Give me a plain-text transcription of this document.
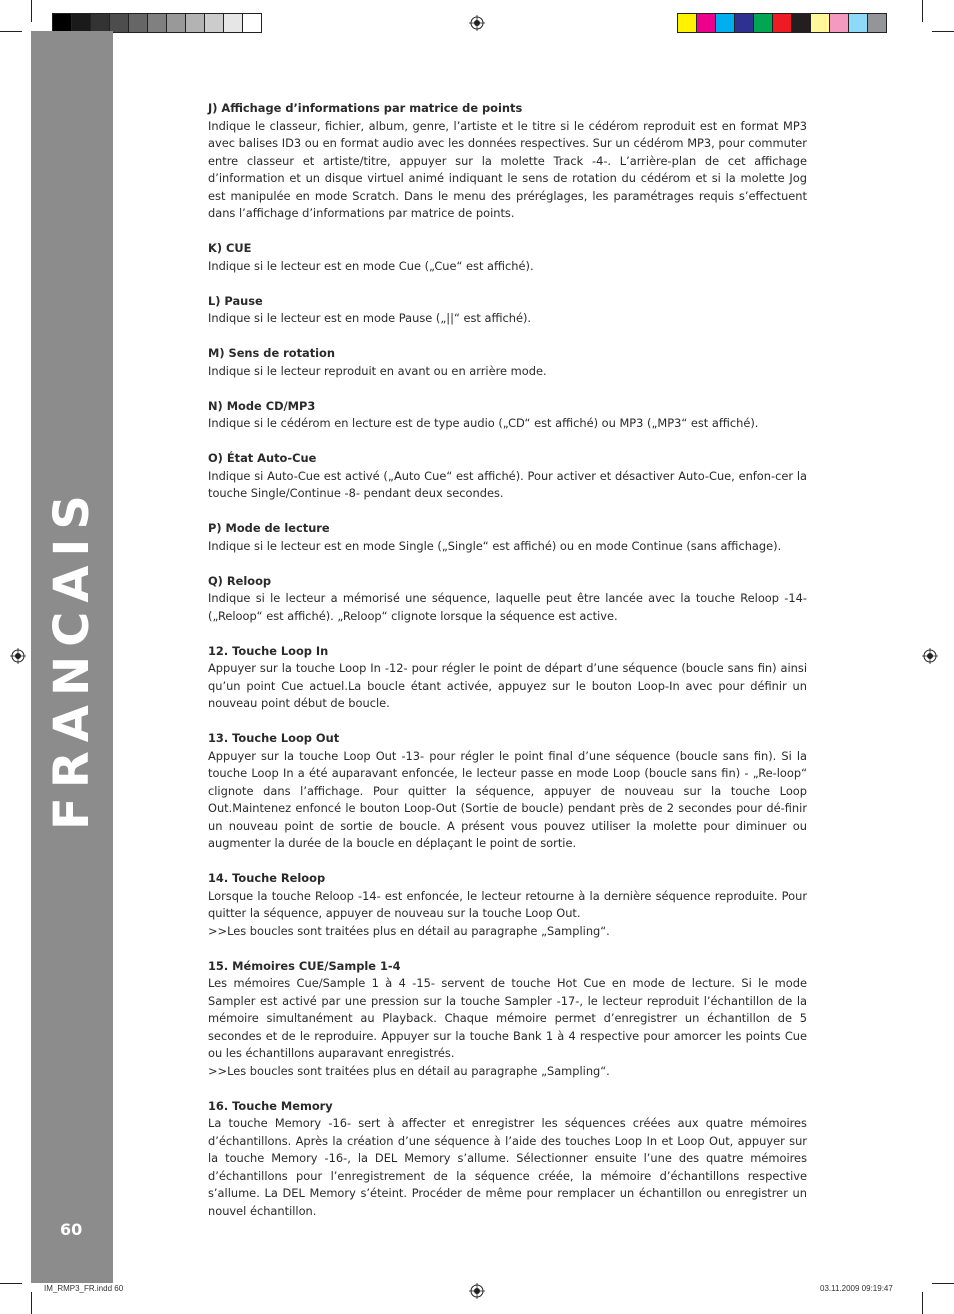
FRANCAIS
60
J) Affichage d’informations par matrice de points

Indique le classeur, fichier, album, genre, l’artiste et le titre si le cédérom reproduit est en format MP3 avec balises ID3 ou en format audio avec les données respectives. Sur un cédérom MP3, pour commuter entre classeur et artiste/titre, appuyer sur la molette Track -4-. L’arrière-plan de cet affichage d’information et un disque virtuel animé indiquant le sens de rotation du cédérom et si la molette Jog est manipulée en mode Scratch. Dans le menu des préréglages, les paramétrages requis s’effectuent dans l’affichage d’informations par matrice de points.

K) CUE

Indique si le lecteur est en mode Cue („Cue“ est affiché).

L) Pause

Indique si le lecteur est en mode Pause („||“ est affiché).

M) Sens de rotation

Indique si le lecteur reproduit en avant ou en arrière mode.

N) Mode CD/MP3

Indique si le cédérom en lecture est de type audio („CD“ est affiché) ou MP3 („MP3“ est affiché).

O) État Auto-Cue

Indique si Auto-Cue est activé („Auto Cue“ est affiché). Pour activer et désactiver Auto-Cue, enfon-cer la touche Single/Continue -8- pendant deux secondes.

P) Mode de lecture

Indique si le lecteur est en mode Single („Single“ est affiché) ou en mode Continue (sans affichage).

Q) Reloop

Indique si le lecteur a mémorisé une séquence, laquelle peut être lancée avec la touche Reloop -14- („Reloop“ est affiché). „Reloop“ clignote lorsque la séquence est active.

12. Touche Loop In

Appuyer sur la touche Loop In -12- pour régler le point de départ d’une séquence (boucle sans fin) ainsi qu’un point Cue actuel.La boucle étant activée, appuyez sur le bouton Loop-In avec pour définir un nouveau point début de boucle.

13. Touche Loop Out

Appuyer sur la touche Loop Out -13- pour régler le point final d’une séquence (boucle sans fin). Si la touche Loop In a été auparavant enfoncée, le lecteur passe en mode Loop (boucle sans fin) - „Re-loop“ clignote dans l’affichage. Pour quitter la séquence, appuyer de nouveau sur la touche Loop Out.Maintenez enfoncé le bouton Loop-Out (Sortie de boucle) pendant près de 2 secondes pour dé-finir un nouveau point de sortie de boucle. A présent vous pouvez utiliser la molette pour diminuer ou augmenter la durée de la boucle en déplaçant le point de sortie.

14. Touche Reloop

Lorsque la touche Reloop -14- est enfoncée, le lecteur retourne à la dernière séquence reproduite. Pour quitter la séquence, appuyer de nouveau sur la touche Loop Out.

>>Les boucles sont traitées plus en détail au paragraphe „Sampling“.

15. Mémoires CUE/Sample 1-4

Les mémoires Cue/Sample 1 à 4 -15- servent de touche Hot Cue en mode de lecture. Si le mode Sampler est activé par une pression sur la touche Sampler -17-, le lecteur reproduit l’échantillon de la mémoire simultanément au Playback. Chaque mémoire permet d’enregistrer un échantillon de 5 secondes et de le reproduire. Appuyer sur la touche Bank 1 à 4 respective pour amorcer les points Cue ou les échantillons auparavant enregistrés.

>>Les boucles sont traitées plus en détail au paragraphe „Sampling“.

16. Touche Memory

La touche Memory -16- sert à affecter et enregistrer les séquences créées aux quatre mémoires d’échantillons. Après la création d’une séquence à l’aide des touches Loop In et Loop Out, appuyer sur la touche Memory -16-, la DEL Memory s’allume. Sélectionner ensuite l’une des quatre mémoires d’échantillons pour l’enregistrement de la séquence créée, la mémoire d’échantillons respective s’allume. La DEL Memory s’éteint. Procéder de même pour remplacer un échantillon ou enregistrer un nouvel échantillon.

IM_RMP3_FR.indd 60	03.11.2009 09:19:47
